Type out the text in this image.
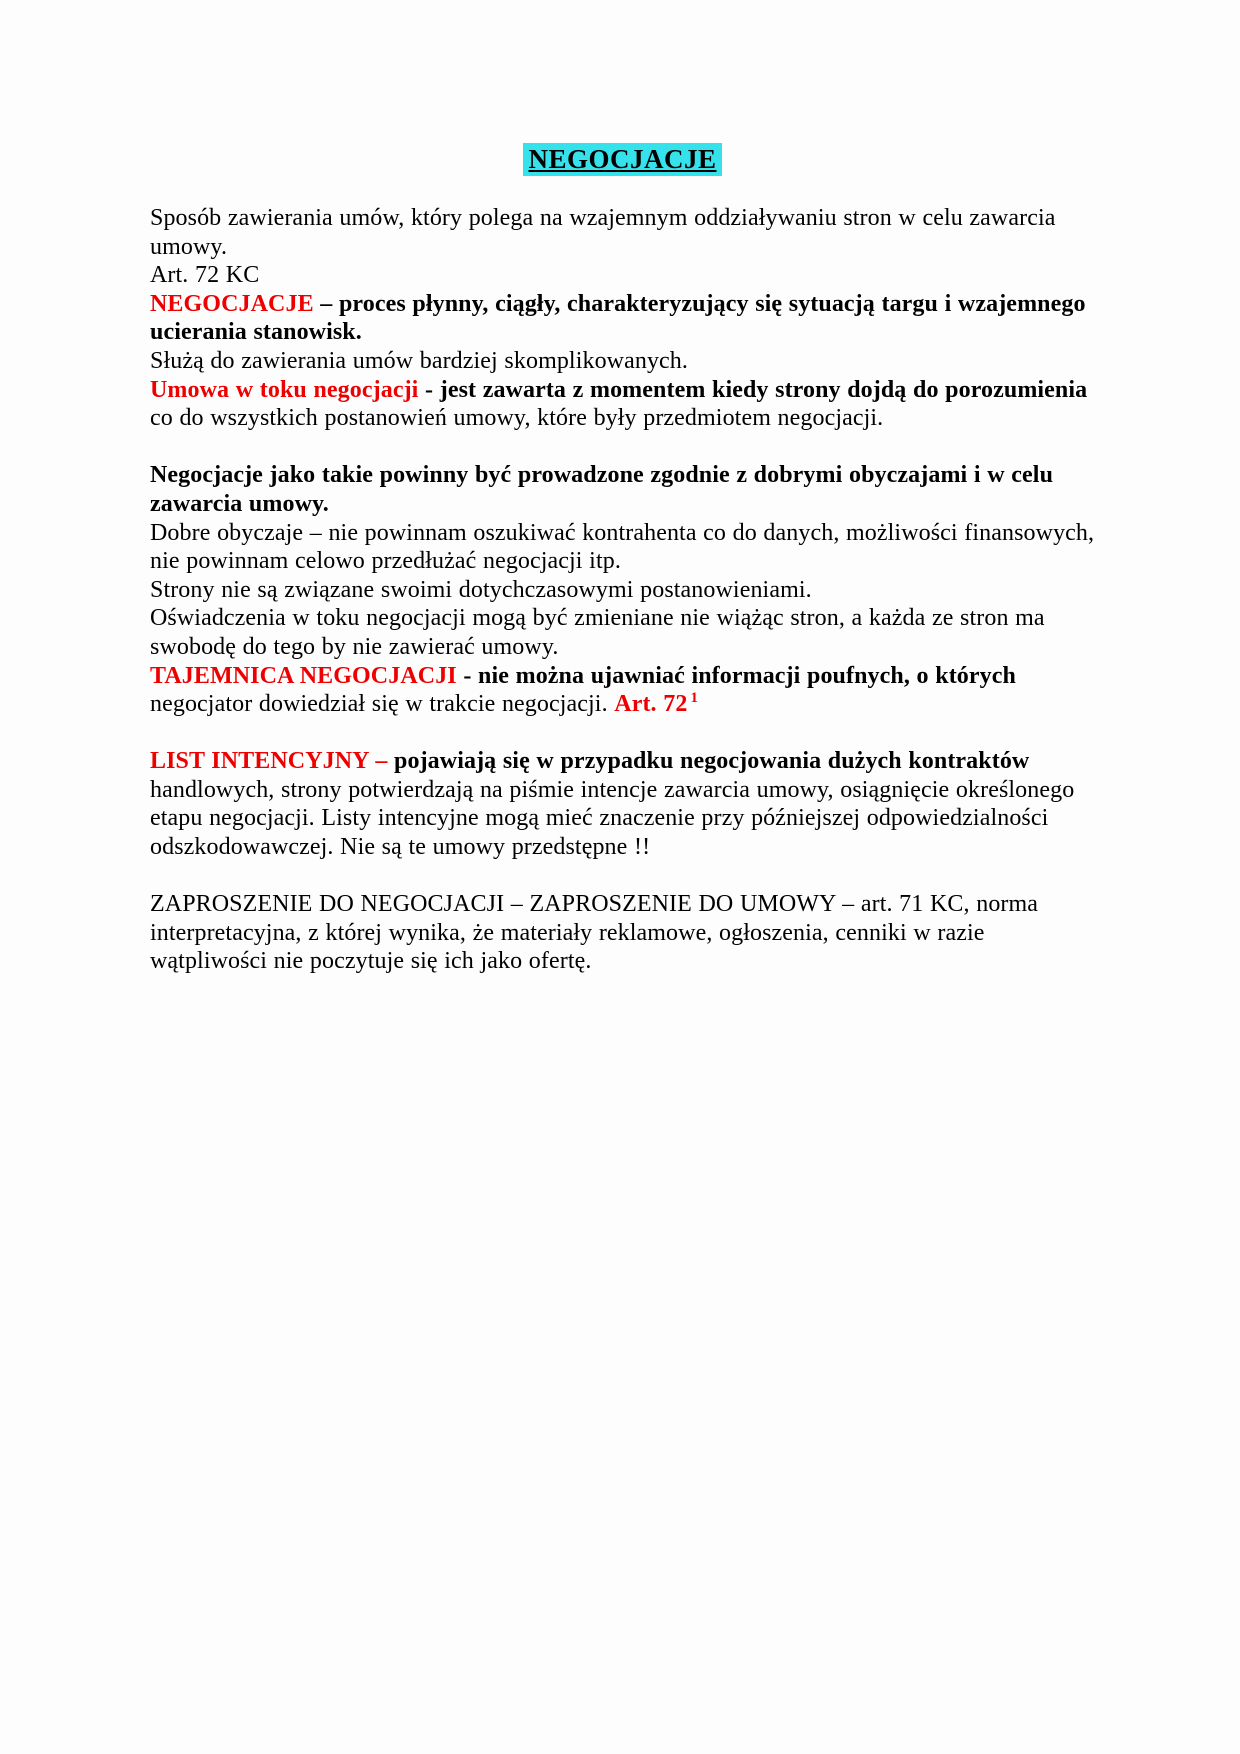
NEGOCJACJE

Sposób zawierania umów, który polega na wzajemnym oddziaływaniu stron w celu zawarcia umowy.

Art. 72 KC

NEGOCJACJE – proces płynny, ciągły, charakteryzujący się sytuacją targu i wzajemnego ucierania stanowisk.

Służą do zawierania umów bardziej skomplikowanych.

Umowa w toku negocjacji - jest zawarta z momentem kiedy strony dojdą do porozumienia co do wszystkich postanowień umowy, które były przedmiotem negocjacji.

Negocjacje jako takie powinny być prowadzone zgodnie z dobrymi obyczajami i w celu zawarcia umowy.

Dobre obyczaje – nie powinnam oszukiwać kontrahenta co do danych, możliwości finansowych, nie powinnam celowo przedłużać negocjacji itp.

Strony nie są związane swoimi dotychczasowymi postanowieniami.

Oświadczenia w toku negocjacji mogą być zmieniane nie wiążąc stron, a każda ze stron ma swobodę do tego by nie zawierać umowy.

TAJEMNICA NEGOCJACJI - nie można ujawniać informacji poufnych, o których negocjator dowiedział się w trakcie negocjacji. Art. 72 $^1$

LIST INTENCYJNY – pojawiają się w przypadku negocjowania dużych kontraktów handlowych, strony potwierdzają na piśmie intencje zawarcia umowy, osiągnięcie określonego etapu negocjacji. Listy intencyjne mogą mieć znaczenie przy późniejszej odpowiedzialności odszkodowawczej. Nie są te umowy przedstępne !!

ZAPROSZENIE DO NEGOCJACJI – ZAPROSZENIE DO UMOWY – art. 71 KC, norma interpretacyjna, z której wynika, że materiały reklamowe, ogłoszenia, cenniki w razie wątpliwości nie poczytuje się ich jako ofertę.
